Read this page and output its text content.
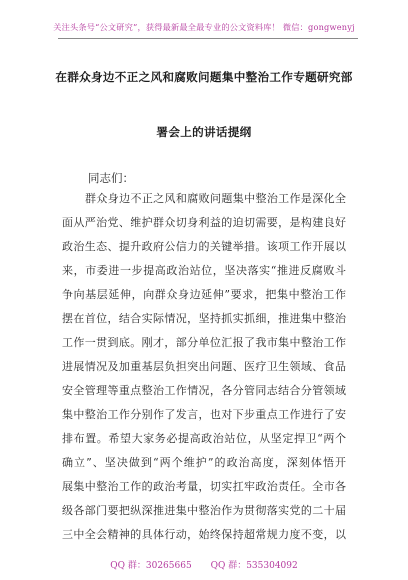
关注头条号“公文研究”，获得最新最全最专业的公文资料库！ 微信：gongwenyj
在群众身边不正之风和腐败问题集中整治工作专题研究部
署会上的讲话提纲
同志们：
群众身边不正之风和腐败问题集中整治工作是深化全
面从严治党、维护群众切身利益的迫切需要，是构建良好
政治生态、提升政府公信力的关键举措。该项工作开展以
来，市委进一步提高政治站位，坚决落实“推进反腐败斗
争向基层延伸，向群众身边延伸”要求，把集中整治工作
摆在首位，结合实际情况，坚持抓实抓细，推进集中整治
工作一贯到底。刚才，部分单位汇报了我市集中整治工作
进展情况及加重基层负担突出问题、医疗卫生领域、食品
安全管理等重点整治工作情况，各分管同志结合分管领域
集中整治工作分别作了发言，也对下步重点工作进行了安
排布置。希望大家务必提高政治站位，从坚定捍卫“两个
确立”、坚决做到“两个维护”的政治高度，深刻体悟开
展集中整治工作的政治考量，切实扛牢政治责任。全市各
级各部门要把纵深推进集中整治作为贯彻落实党的二十届
三中全会精神的具体行动，始终保持超常规力度不变，以
QQ 群：30265665 QQ 群：535304092
